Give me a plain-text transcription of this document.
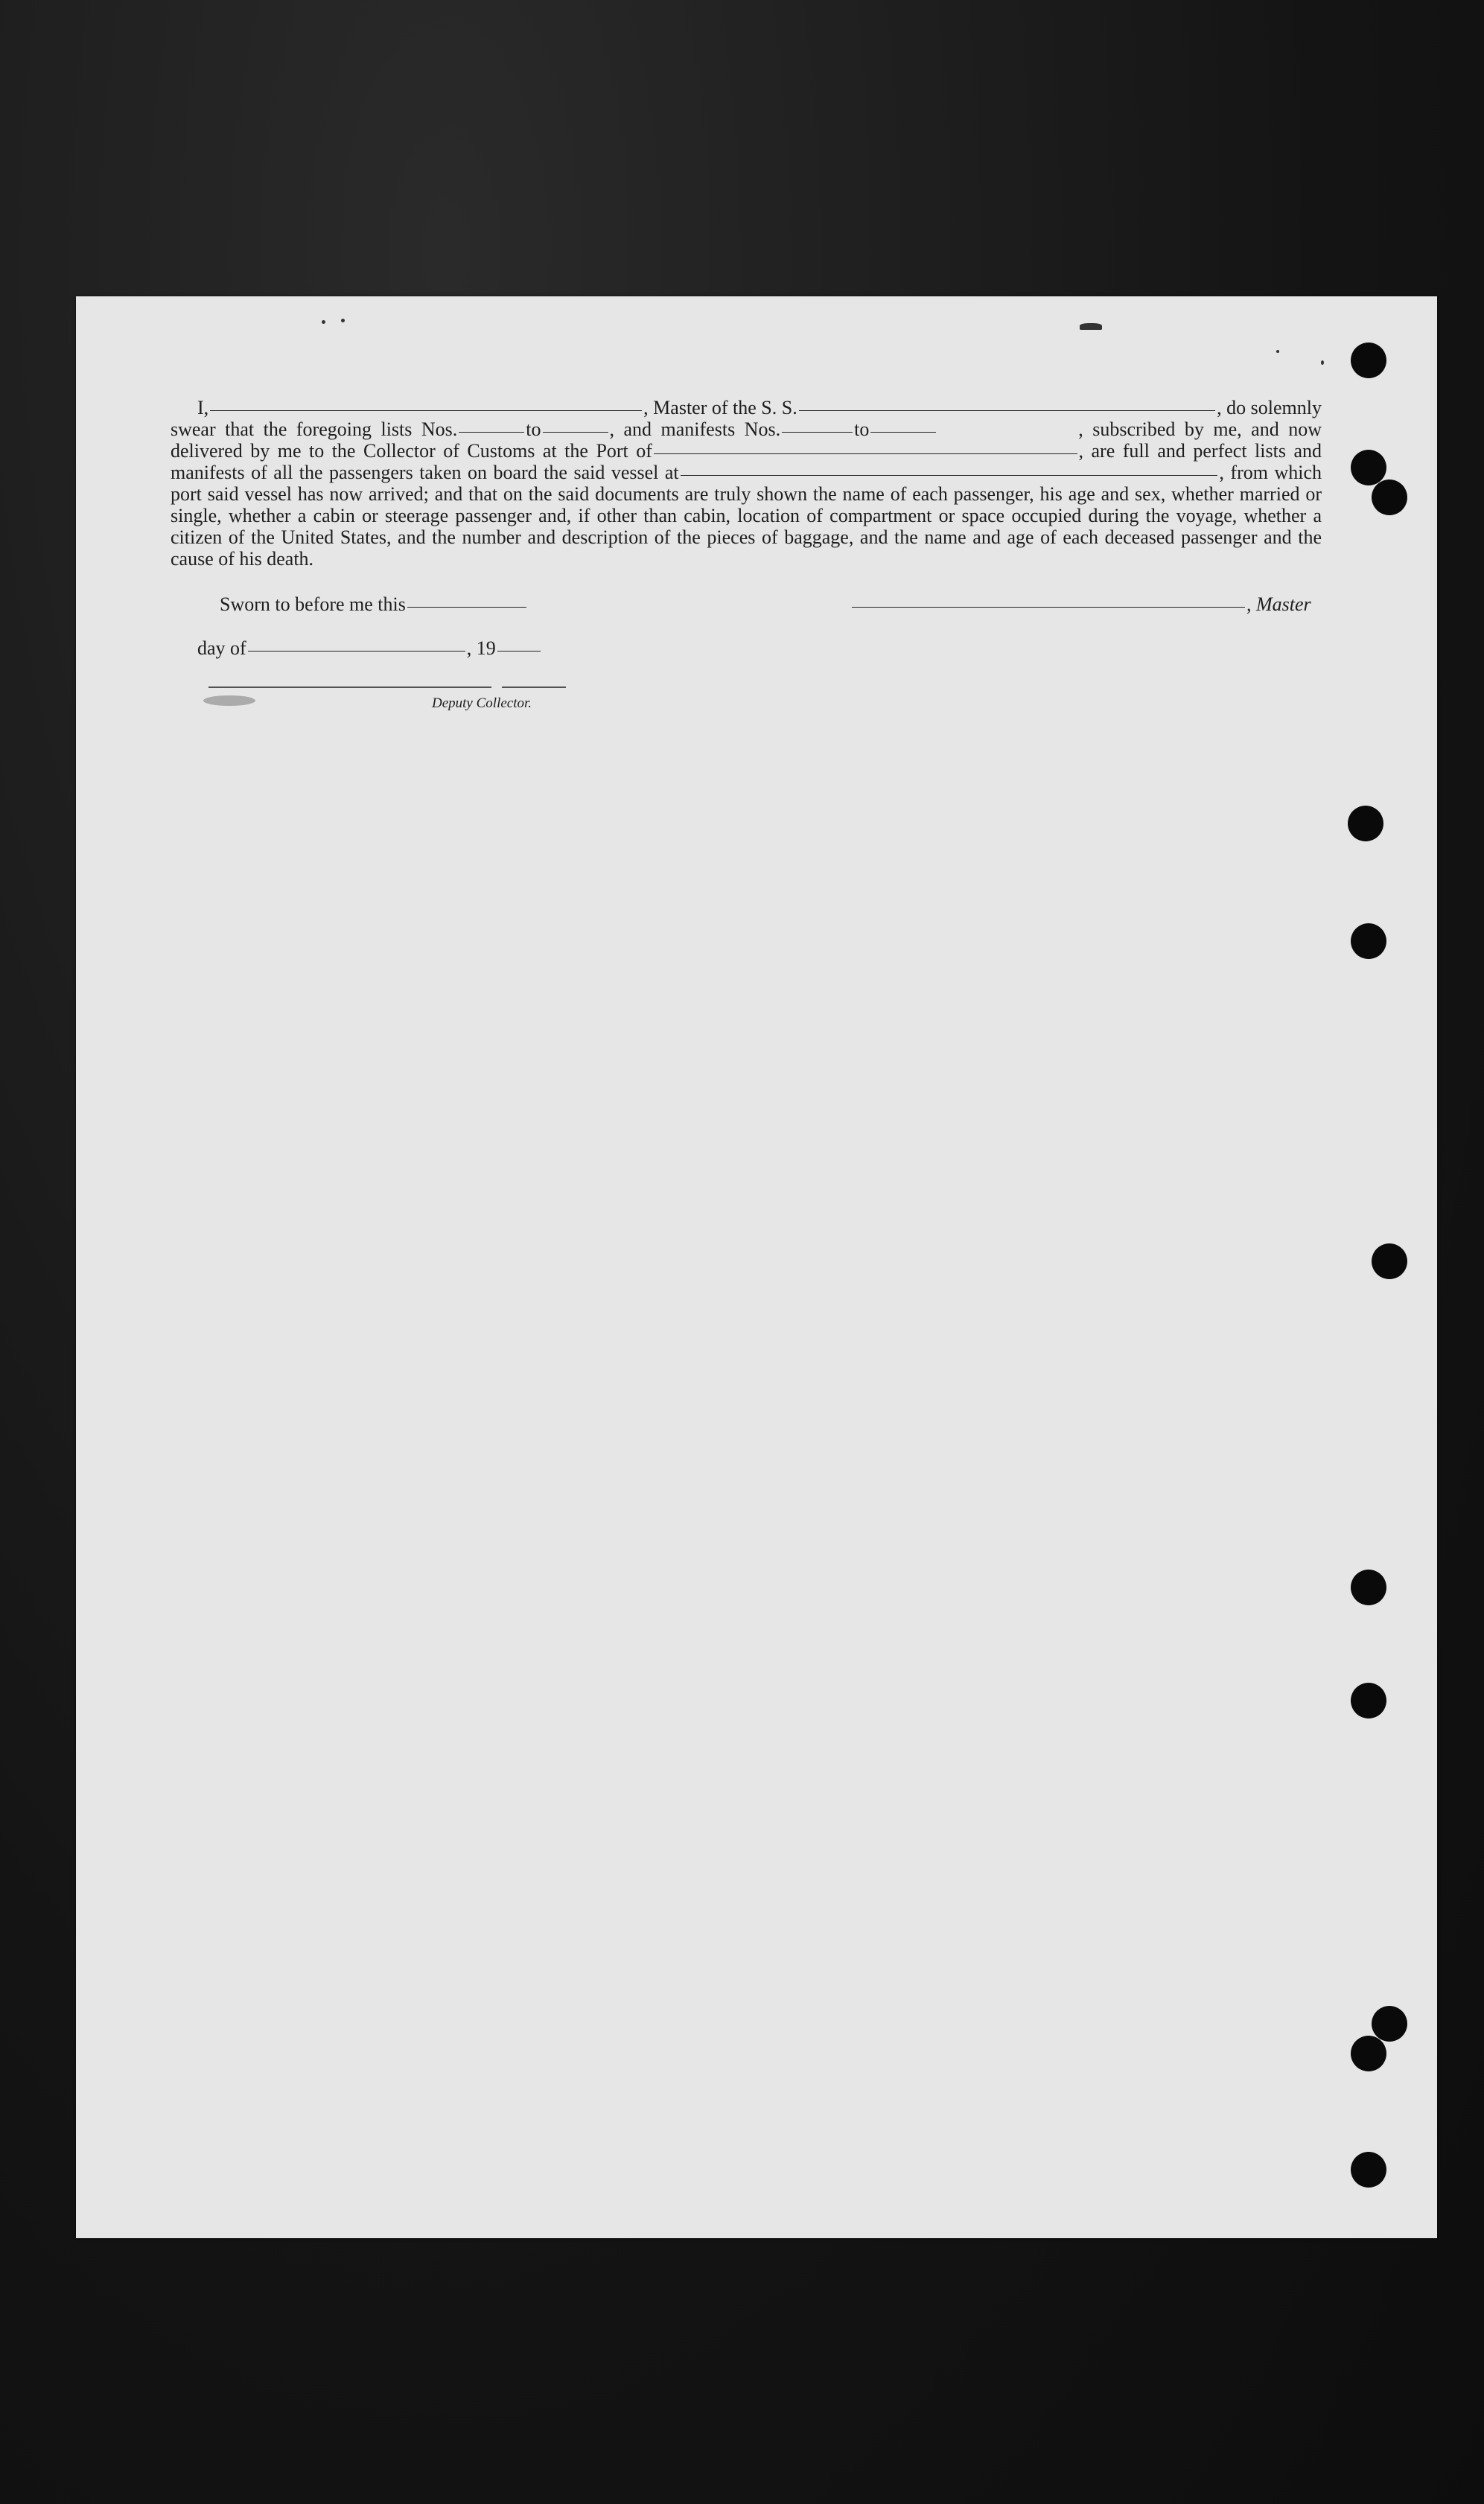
I,	, Master of the S. S.	, do solemnly
swear that the foregoing lists Nos.	to	, and manifests Nos.	to	, subscribed by me, and now
delivered by me to the Collector of Customs at the Port of	, are full and perfect lists and
manifests of all the passengers taken on board the said vessel at	, from which

port said vessel has now arrived; and that on the said documents are truly shown the name of each passenger, his age and sex, whether married or single, whether a cabin or steerage passenger and, if other than cabin, location of compartment or space occupied during the voyage, whether a citizen of the United States, and the number and description of the pieces of baggage, and the name and age of each deceased passenger and the cause of his death.

Sworn to before me this	, Master
day of	, 19
Deputy Collector.
